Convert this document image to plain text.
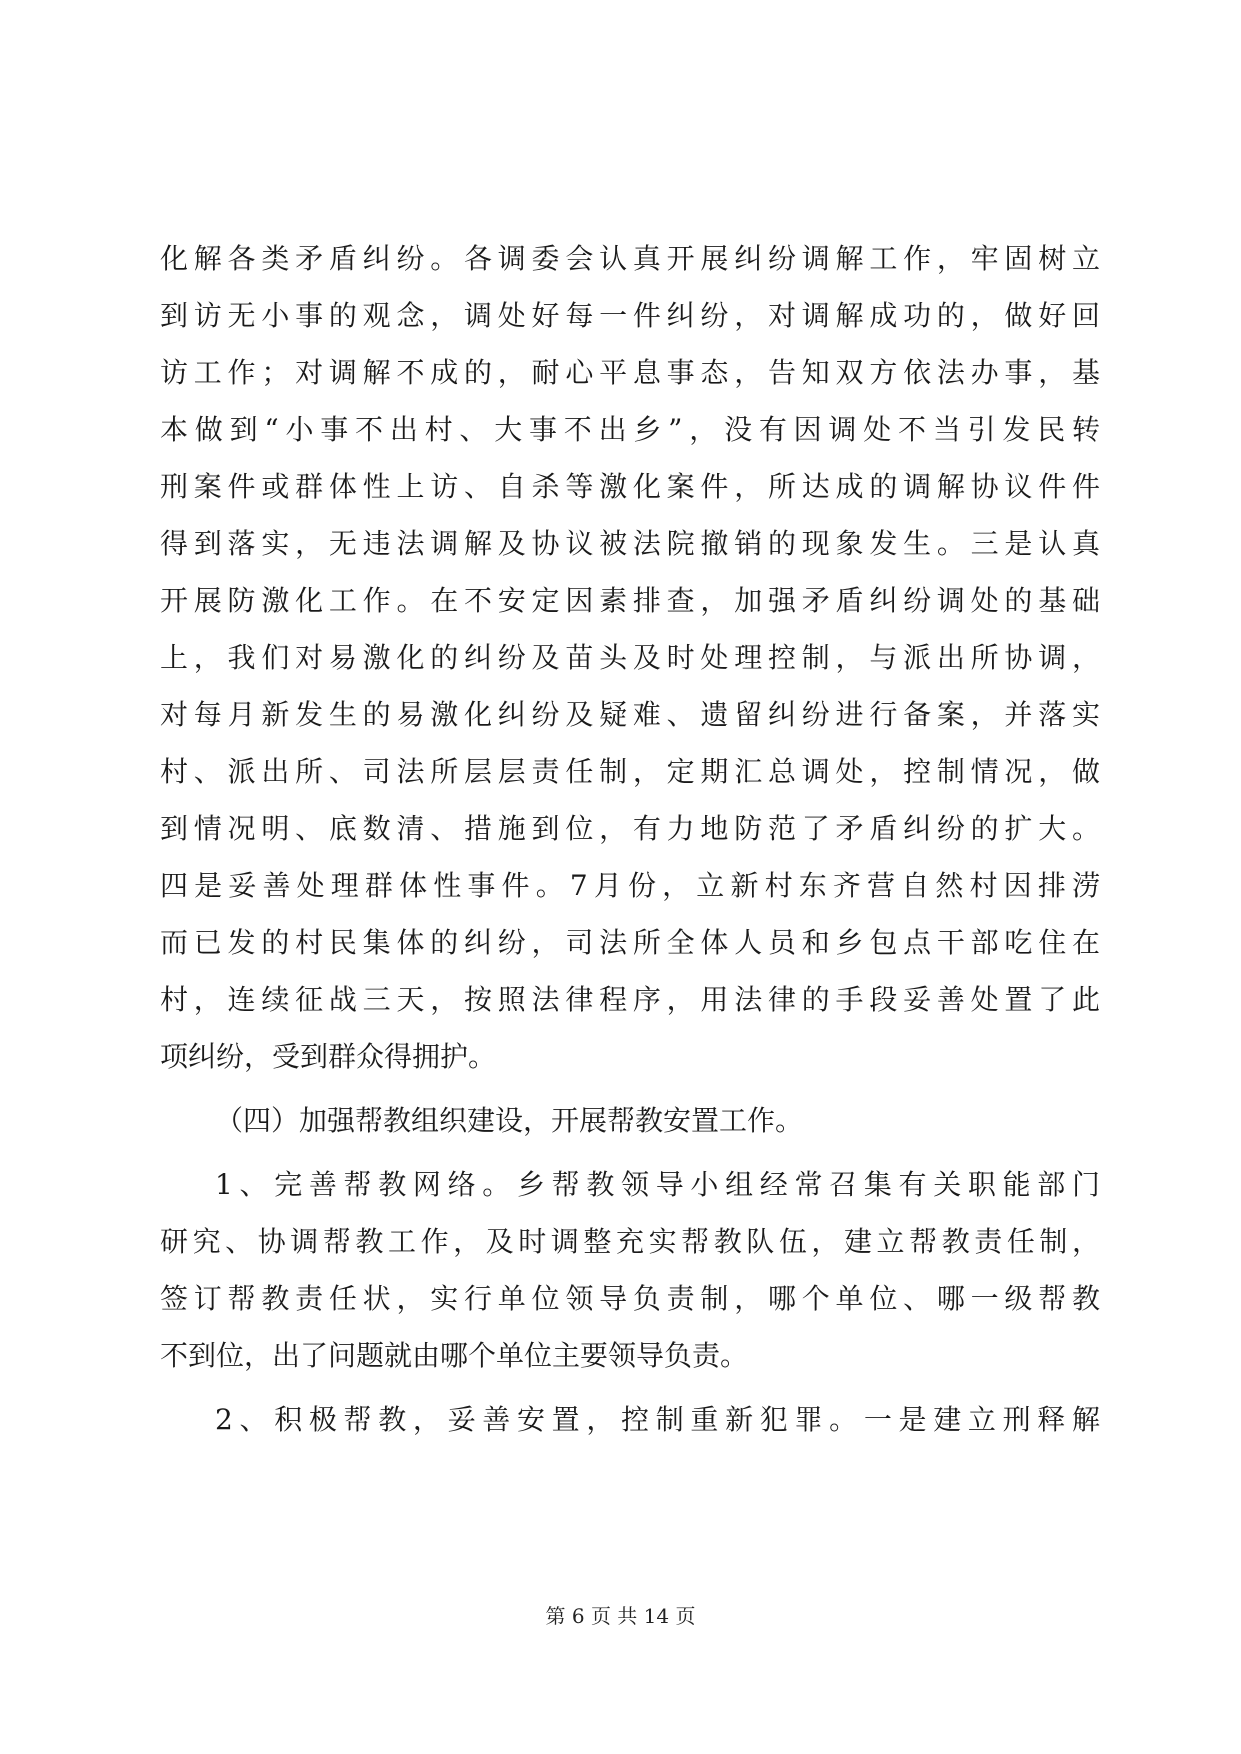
化解各类矛盾纠纷。各调委会认真开展纠纷调解工作，牢固树立
到访无小事的观念，调处好每一件纠纷，对调解成功的，做好回
访工作；对调解不成的，耐心平息事态，告知双方依法办事，基
本做到“小事不出村、大事不出乡”，没有因调处不当引发民转
刑案件或群体性上访、自杀等激化案件，所达成的调解协议件件
得到落实，无违法调解及协议被法院撤销的现象发生。三是认真
开展防激化工作。在不安定因素排查，加强矛盾纠纷调处的基础
上，我们对易激化的纠纷及苗头及时处理控制，与派出所协调，
对每月新发生的易激化纠纷及疑难、遗留纠纷进行备案，并落实
村、派出所、司法所层层责任制，定期汇总调处，控制情况，做
到情况明、底数清、措施到位，有力地防范了矛盾纠纷的扩大。
四是妥善处理群体性事件。7月份，立新村东齐营自然村因排涝
而已发的村民集体的纠纷，司法所全体人员和乡包点干部吃住在
村，连续征战三天，按照法律程序，用法律的手段妥善处置了此
项纠纷，受到群众得拥护。
（四）加强帮教组织建设，开展帮教安置工作。
1、完善帮教网络。乡帮教领导小组经常召集有关职能部门
研究、协调帮教工作，及时调整充实帮教队伍，建立帮教责任制，
签订帮教责任状，实行单位领导负责制，哪个单位、哪一级帮教
不到位，出了问题就由哪个单位主要领导负责。
2、积极帮教，妥善安置，控制重新犯罪。一是建立刑释解
第 6 页 共 14 页
